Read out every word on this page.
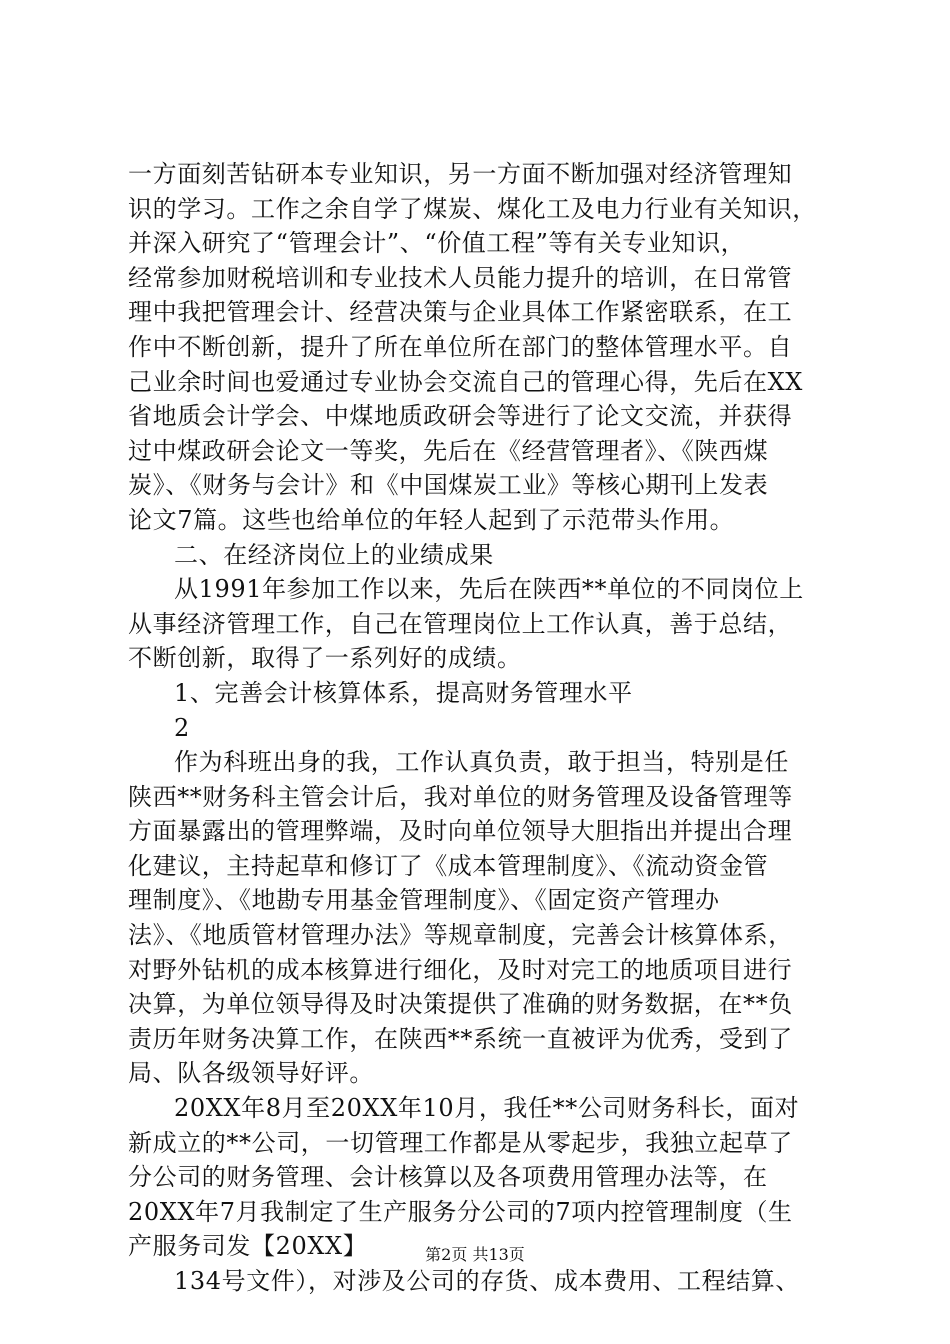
一方面刻苦钻研本专业知识，另一方面不断加强对经济管理知
识的学习。工作之余自学了煤炭、煤化工及电力行业有关知识，
并深入研究了“管理会计”、“价值工程”等有关专业知识，
经常参加财税培训和专业技术人员能力提升的培训，在日常管
理中我把管理会计、经营决策与企业具体工作紧密联系，在工
作中不断创新，提升了所在单位所在部门的整体管理水平。自
己业余时间也爱通过专业协会交流自己的管理心得，先后在XX
省地质会计学会、中煤地质政研会等进行了论文交流，并获得
过中煤政研会论文一等奖，先后在《经营管理者》、《陕西煤
炭》、《财务与会计》和《中国煤炭工业》等核心期刊上发表
论文7篇。这些也给单位的年轻人起到了示范带头作用。
二、在经济岗位上的业绩成果
从1991年参加工作以来，先后在陕西**单位的不同岗位上
从事经济管理工作，自己在管理岗位上工作认真，善于总结，
不断创新，取得了一系列好的成绩。
1、完善会计核算体系，提高财务管理水平
2
作为科班出身的我，工作认真负责，敢于担当，特别是任
陕西**财务科主管会计后，我对单位的财务管理及设备管理等
方面暴露出的管理弊端，及时向单位领导大胆指出并提出合理
化建议，主持起草和修订了《成本管理制度》、《流动资金管
理制度》、《地勘专用基金管理制度》、《固定资产管理办
法》、《地质管材管理办法》等规章制度，完善会计核算体系，
对野外钻机的成本核算进行细化，及时对完工的地质项目进行
决算，为单位领导得及时决策提供了准确的财务数据，在**负
责历年财务决算工作，在陕西**系统一直被评为优秀，受到了
局、队各级领导好评。
20XX年8月至20XX年10月，我任**公司财务科长，面对
新成立的**公司，一切管理工作都是从零起步，我独立起草了
分公司的财务管理、会计核算以及各项费用管理办法等，在
20XX年7月我制定了生产服务分公司的7项内控管理制度（生
产服务司发【20XX】
134号文件），对涉及公司的存货、成本费用、工程结算、
第2页 共13页
